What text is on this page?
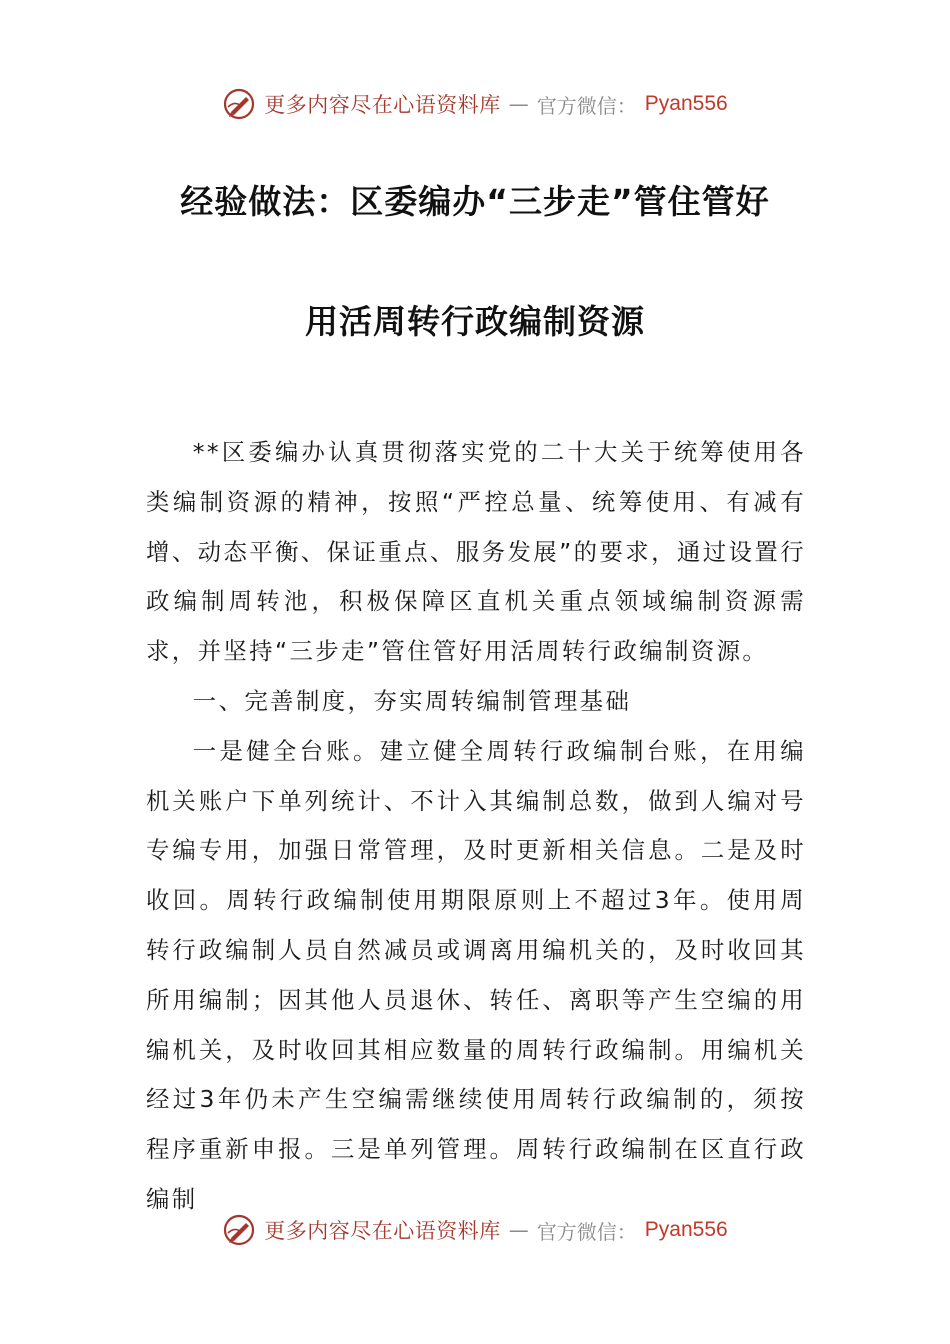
更多内容尽在心语资料库 — 官方微信： Pyan556
经验做法：区委编办“三步走”管住管好
用活周转行政编制资源

**区委编办认真贯彻落实党的二十大关于统筹使用各类编制资源的精神，按照“严控总量、统筹使用、有减有增、动态平衡、保证重点、服务发展”的要求，通过设置行政编制周转池，积极保障区直机关重点领域编制资源需求，并坚持“三步走”管住管好用活周转行政编制资源。

一、完善制度，夯实周转编制管理基础

一是健全台账。建立健全周转行政编制台账，在用编机关账户下单列统计、不计入其编制总数，做到人编对号专编专用，加强日常管理，及时更新相关信息。二是及时收回。周转行政编制使用期限原则上不超过3年。使用周转行政编制人员自然减员或调离用编机关的，及时收回其所用编制；因其他人员退休、转任、离职等产生空编的用编机关，及时收回其相应数量的周转行政编制。用编机关经过3年仍未产生空编需继续使用周转行政编制的，须按程序重新申报。三是单列管理。周转行政编制在区直行政编制

更多内容尽在心语资料库 — 官方微信： Pyan556
